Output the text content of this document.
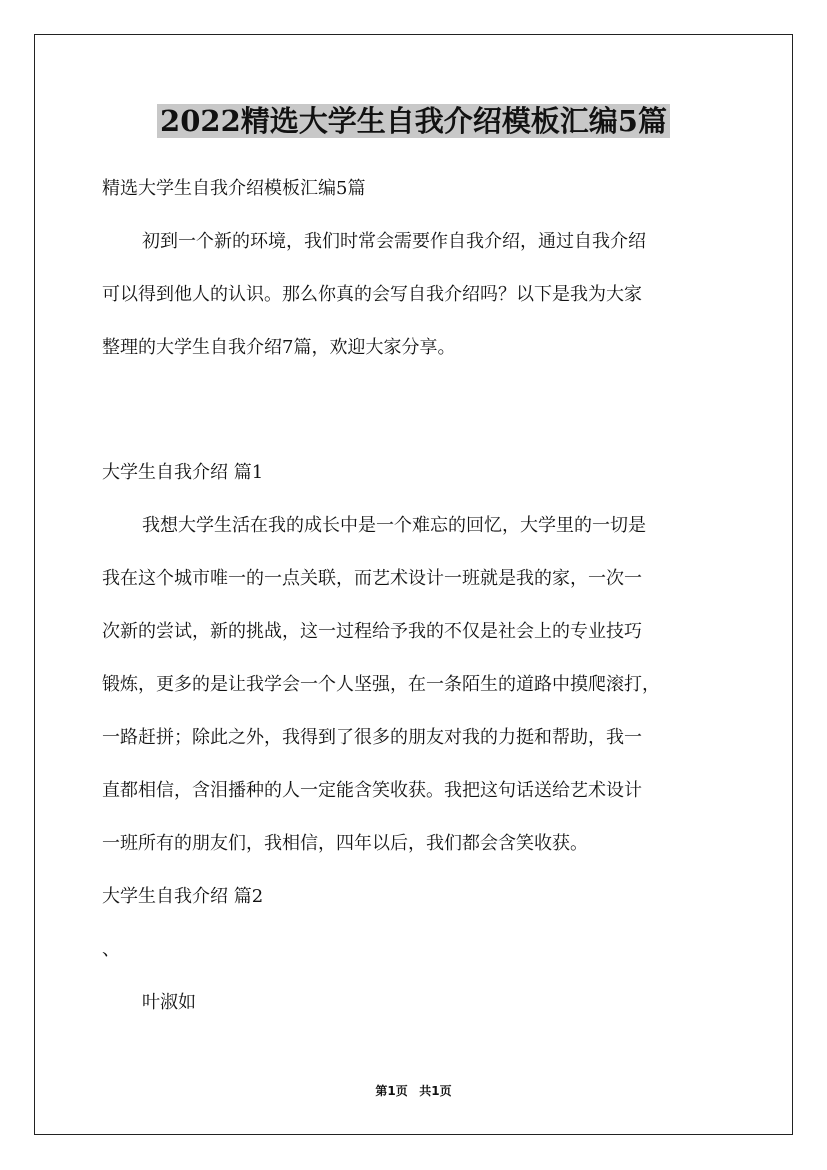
2022精选大学生自我介绍模板汇编5篇
精选大学生自我介绍模板汇编5篇
初到一个新的环境，我们时常会需要作自我介绍，通过自我介绍
可以得到他人的认识。那么你真的会写自我介绍吗？以下是我为大家
整理的大学生自我介绍7篇，欢迎大家分享。
大学生自我介绍 篇1
我想大学生活在我的成长中是一个难忘的回忆，大学里的一切是
我在这个城市唯一的一点关联，而艺术设计一班就是我的家，一次一
次新的尝试，新的挑战，这一过程给予我的不仅是社会上的专业技巧
锻炼，更多的是让我学会一个人坚强，在一条陌生的道路中摸爬滚打，
一路赶拼；除此之外，我得到了很多的朋友对我的力挺和帮助，我一
直都相信，含泪播种的人一定能含笑收获。我把这句话送给艺术设计
一班所有的朋友们，我相信，四年以后，我们都会含笑收获。
大学生自我介绍 篇2
、
叶淑如
第1页 共1页
